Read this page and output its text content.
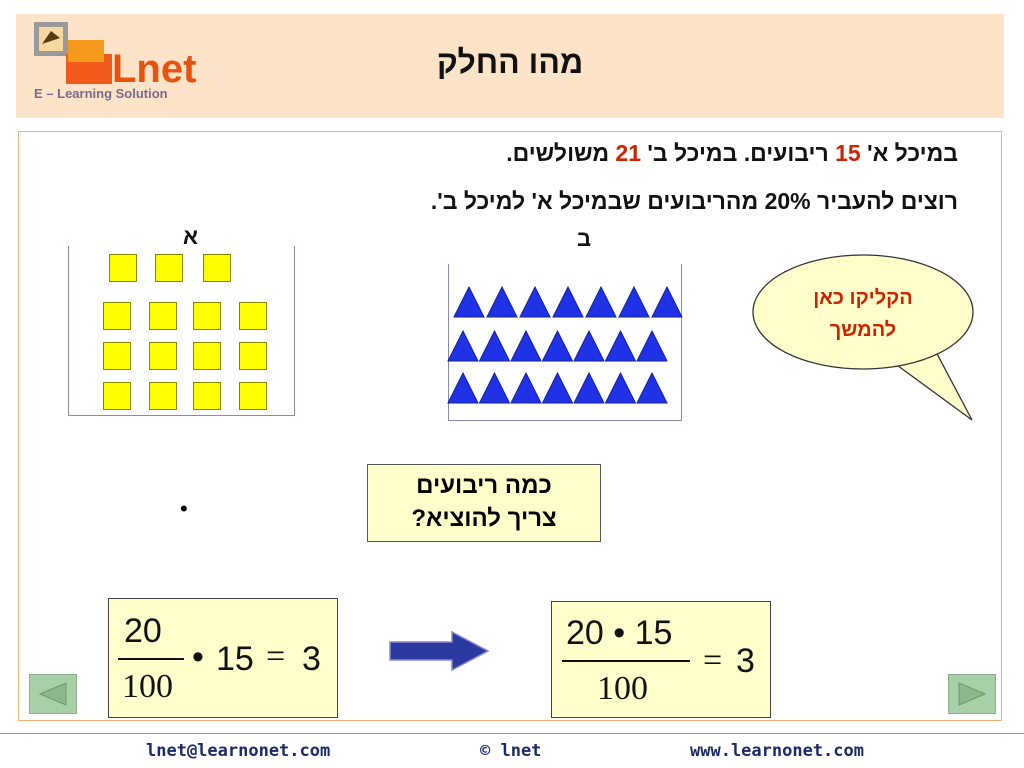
Lnet
E – Learning Solution
מהו החלק
במיכל א' 15 ריבועים. במיכל ב' 21 משולשים.
רוצים להעביר 20% מהריבועים שבמיכל א' למיכל ב'.
א	ב
הקליקו כאן
להמשך
•
כמה ריבועים
צריך להוציא?
20
100
• 15 = 3
20 • 15
100
= 3
lnet@learnonet.com	© lnet	www.learnonet.com
